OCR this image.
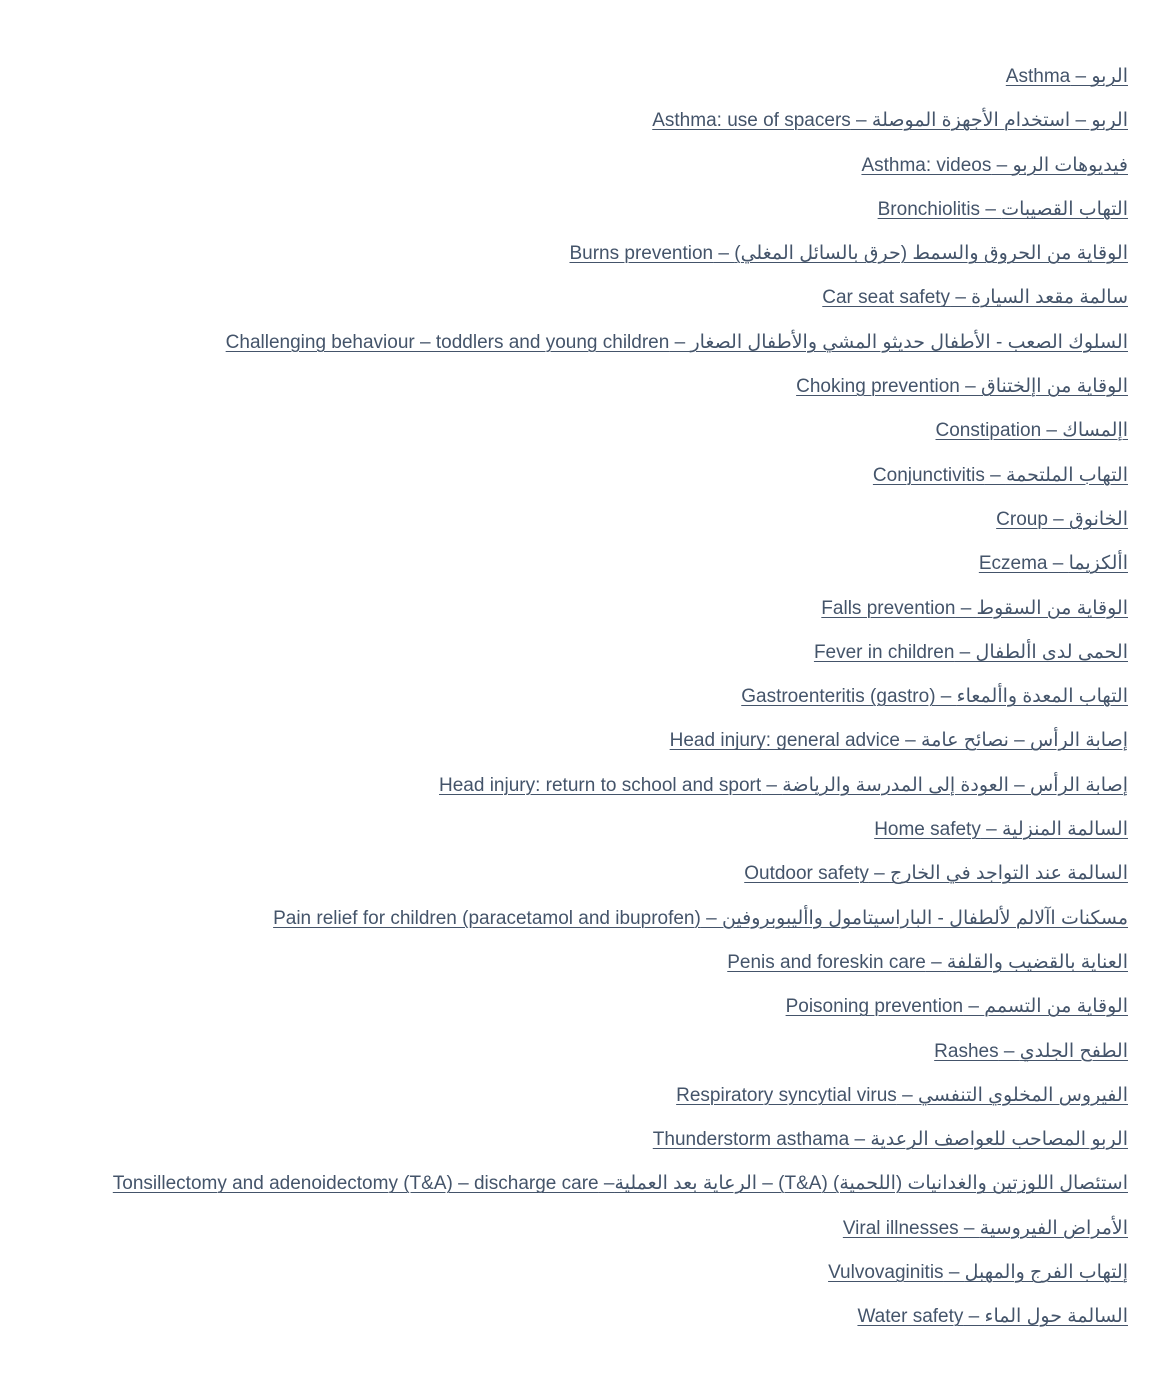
الربو – Asthma
الربو – استخدام الأجهزة الموصلة – Asthma: use of spacers
فيديوهات الربو – Asthma: videos
التهاب القصيبات – Bronchiolitis
الوقاية من الحروق والسمط (حرق بالسائل المغلي) – Burns prevention
سالمة مقعد السيارة – Car seat safety
السلوك الصعب - الأطفال حديثو المشي والأطفال الصغار – Challenging behaviour – toddlers and young children
الوقاية من اإلختناق – Choking prevention
اإلمساك – Constipation
التهاب الملتحمة – Conjunctivitis
الخانوق – Croup
األكزيما – Eczema
الوقاية من السقوط – Falls prevention
الحمى لدى األطفال – Fever in children
التهاب المعدة واألمعاء – Gastroenteritis (gastro)
إصابة الرأس – نصائح عامة – Head injury: general advice
إصابة الرأس – العودة إلى المدرسة والرياضة – Head injury: return to school and sport
السالمة المنزلية – Home safety
السالمة عند التواجد في الخارج – Outdoor safety
مسكنات اآلالم لألطفال - الباراسيتامول واأليبوبروفين – Pain relief for children (paracetamol and ibuprofen)
العناية بالقضيب والقلفة – Penis and foreskin care
الوقاية من التسمم – Poisoning prevention
الطفح الجلدي – Rashes
الفيروس المخلوي التنفسي – Respiratory syncytial virus
الربو المصاحب للعواصف الرعدية – Thunderstorm asthama
استئصال اللوزتين والغدانيات (اللحمية) (T&A) – الرعاية بعد العملية– Tonsillectomy and adenoidectomy (T&A) – discharge care
الأمراض الفيروسية – Viral illnesses
إلتهاب الفرج والمهبل – Vulvovaginitis
السالمة حول الماء – Water safety
